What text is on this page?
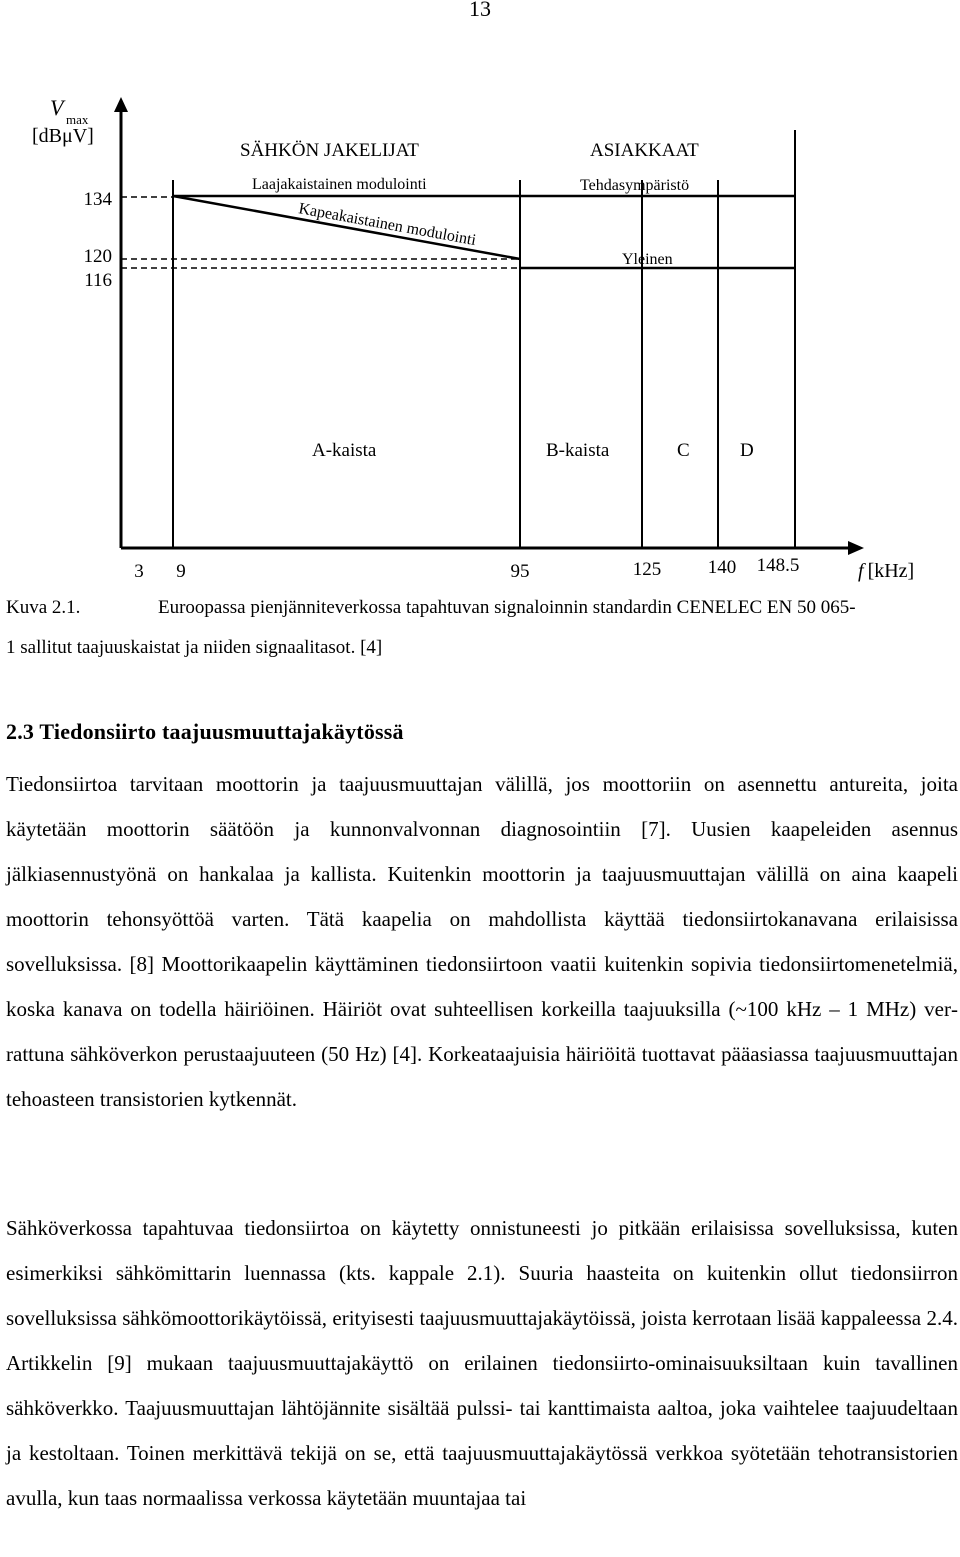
13
V max
[dBμV]
134
120
116
SÄHKÖN JAKELIJAT	ASIAKKAAT
Laajakaistainen modulointi
Kapeakaistainen modulointi
Tehdasympäristö
Yleinen
A-kaista	B-kaista	C	D
3 9	95	125 140 148.5	f [kHz]
Kuva 2.1.	Euroopassa pienjänniteverkossa tapahtuvan signaloinnin standardin CENELEC EN 50 065-
1 sallitut taajuuskaistat ja niiden signaalitasot. [4]
2.3 Tiedonsiirto taajuusmuuttajakäytössä

Tiedonsiirtoa tarvitaan moottorin ja taajuusmuuttajan välillä, jos moottoriin on asennettu antureita, joita käytetään moottorin säätöön ja kunnonvalvonnan diagnosointiin [7]. Uusien kaapeleiden asennus jälkiasennustyönä on hankalaa ja kallista. Kuitenkin moottorin ja taajuusmuuttajan välillä on aina kaapeli moottorin tehonsyöttöä varten. Tätä kaapelia on mahdollista käyttää tiedonsiirtokanavana erilaisissa sovelluksissa. [8] Moottorikaapelin käyttäminen tiedonsiirtoon vaatii kuitenkin sopivia tiedonsiirtomenetelmiä, koska kanava on todella häiriöinen. Häiriöt ovat suhteellisen korkeilla taajuuksilla (~100 kHz – 1 MHz) verrattuna sähköverkon perustaajuuteen (50 Hz) [4]. Korkeataajuisia häiriöitä tuottavat pääasiassa taajuusmuuttajan tehoasteen transistorien kytkennät.

Sähköverkossa tapahtuvaa tiedonsiirtoa on käytetty onnistuneesti jo pitkään erilaisissa sovelluksissa, kuten esimerkiksi sähkömittarin luennassa (kts. kappale 2.1). Suuria haasteita on kuitenkin ollut tiedonsiirron sovelluksissa sähkömoottorikäytöissä, erityisesti taajuusmuuttajakäytöissä, joista kerrotaan lisää kappaleessa 2.4. Artikkelin [9] mukaan taajuusmuuttajakäyttö on erilainen tiedonsiirto-ominaisuuksiltaan kuin tavallinen sähköverkko. Taajuusmuuttajan lähtöjännite sisältää pulssi- tai kanttimaista aaltoa, joka vaihtelee taajuudeltaan ja kestoltaan. Toinen merkittävä tekijä on se, että taajuusmuuttajakäytössä verkkoa syötetään tehotransistorien avulla, kun taas normaalissa verkossa käytetään muuntajaa tai
